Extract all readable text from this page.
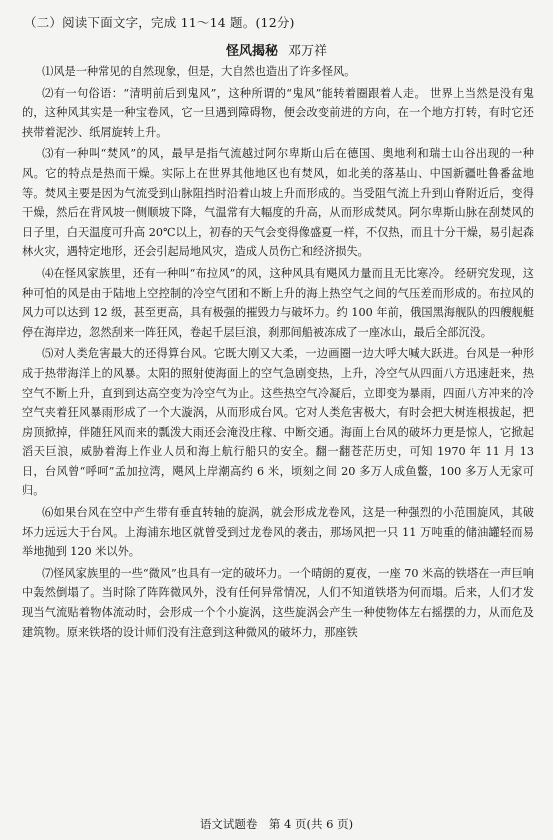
（二）阅读下面文字，完成 11～14 题。(12分)
怪风揭秘 邓万祥

⑴风是一种常见的自然现象，但是，大自然也造出了许多怪风。

⑵有一句俗语：“清明前后到鬼风”，这种所谓的“鬼风”能转着圈跟着人走。 世界上当然是没有鬼的，这种风其实是一种宝卷风，它一旦遇到障碍物，便会改变前进的方向，在一个地方打转，有时它还挟带着泥沙、纸屑旋转上升。

⑶有一种叫“焚风”的风，最早是指气流越过阿尔卑斯山后在德国、奥地利和瑞士山谷出现的一种风。它的特点是热而干燥。实际上在世界其他地区也有焚风，如北美的落基山、中国新疆吐鲁番盆地等。焚风主要是因为气流受到山脉阻挡时沿着山坡上升而形成的。当受阻气流上升到山脊附近后，变得干燥，然后在背风坡一侧顺坡下降，气温常有大幅度的升高，从而形成焚风。阿尔卑斯山脉在刮焚风的日子里，白天温度可升高 20℃以上，初春的天气会变得像盛夏一样，不仅热，而且十分干燥，易引起森林火灾，遇特定地形，还会引起局地风灾，造成人员伤亡和经济损失。

⑷在怪风家族里，还有一种叫“布拉风”的风，这种风具有飓风力量而且无比寒冷。 经研究发现，这种可怕的风是由于陆地上空控制的冷空气团和不断上升的海上热空气之间的气压差而形成的。布拉风的风力可以达到 12 级，甚至更高，具有极强的摧毁力与破坏力。约 100 年前，俄国黑海舰队的四艘舰艇停在海岸边，忽然刮来一阵狂风，卷起千层巨浪，刹那间船被冻成了一座冰山，最后全部沉没。

⑸对人类危害最大的还得算台风。它既大刚又大柔，一边画圈一边大呼大喊大跃进。台风是一种形成于热带海洋上的风暴。太阳的照射使海面上的空气急剧变热，上升，冷空气从四面八方迅速赶来，热空气不断上升，直到到达高空变为冷空气为止。这些热空气冷凝后，立即变为暴雨，四面八方冲来的冷空气夹着狂风暴雨形成了一个大漩涡，从而形成台风。它对人类危害极大，有时会把大树连根拔起，把房顶掀掉，伴随狂风而来的瓢泼大雨还会淹没庄稼、中断交通。海面上台风的破坏力更是惊人，它掀起滔天巨浪，威胁着海上作业人员和海上航行船只的安全。翻一翻苍茫历史，可知 1970 年 11 月 13 日，台风曾“呼呵”孟加拉湾，飓风上岸潮高约 6 米，顷刻之间 20 多万人成鱼鳖，100 多万人无家可归。

⑹如果台风在空中产生带有垂直转轴的旋涡，就会形成龙卷风，这是一种强烈的小范围旋风，其破坏力远远大于台风。上海浦东地区就曾受到过龙卷风的袭击，那场风把一只 11 万吨重的储油罐轻而易举地抛到 120 米以外。

⑺怪风家族里的一些“微风”也具有一定的破坏力。一个晴朗的夏夜，一座 70 米高的铁塔在一声巨响中轰然倒塌了。当时除了阵阵微风外，没有任何异常情况，人们不知道铁塔为何而塌。后来，人们才发现当气流贴着物体流动时，会形成一个个小旋涡，这些旋涡会产生一种使物体左右摇摆的力，从而危及建筑物。原来铁塔的设计师们没有注意到这种微风的破坏力，那座铁

语文试题卷　第 4 页(共 6 页)
